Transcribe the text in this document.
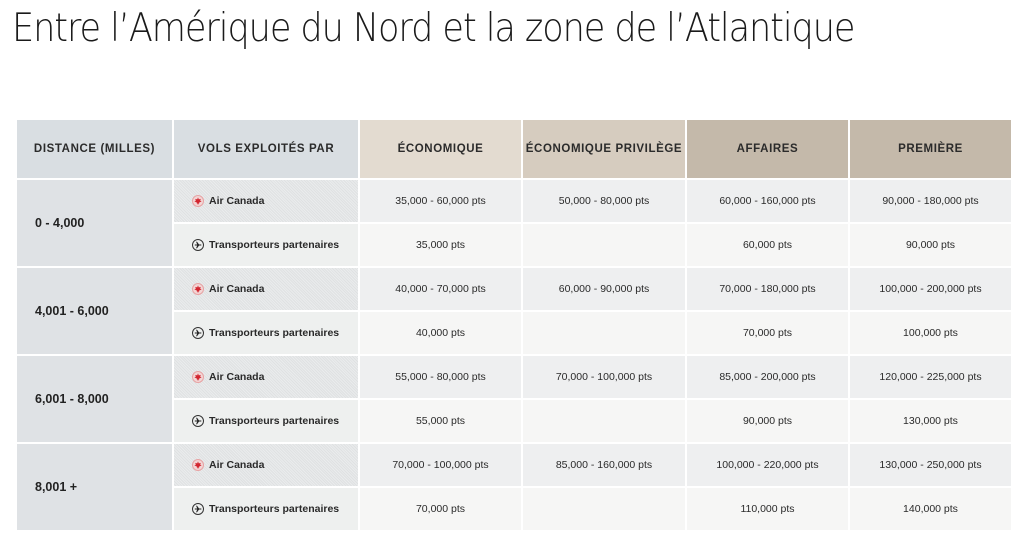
Entre l’Amérique du Nord et la zone de l’Atlantique
DISTANCE (MILLES)	VOLS EXPLOITÉS PAR	ÉCONOMIQUE	ÉCONOMIQUE PRIVILÈGE	AFFAIRES	PREMIÈRE
0 - 4,000	Air Canada	35,000 - 60,000 pts	50,000 - 80,000 pts	60,000 - 160,000 pts	90,000 - 180,000 pts

	Transporteurs partenaires	35,000 pts		60,000 pts	90,000 pts
4,001 - 6,000	Air Canada	40,000 - 70,000 pts	60,000 - 90,000 pts	70,000 - 180,000 pts	100,000 - 200,000 pts

	Transporteurs partenaires	40,000 pts		70,000 pts	100,000 pts
6,001 - 8,000	Air Canada	55,000 - 80,000 pts	70,000 - 100,000 pts	85,000 - 200,000 pts	120,000 - 225,000 pts

	Transporteurs partenaires	55,000 pts		90,000 pts	130,000 pts
8,001 +	Air Canada	70,000 - 100,000 pts	85,000 - 160,000 pts	100,000 - 220,000 pts	130,000 - 250,000 pts

	Transporteurs partenaires	70,000 pts		110,000 pts	140,000 pts
